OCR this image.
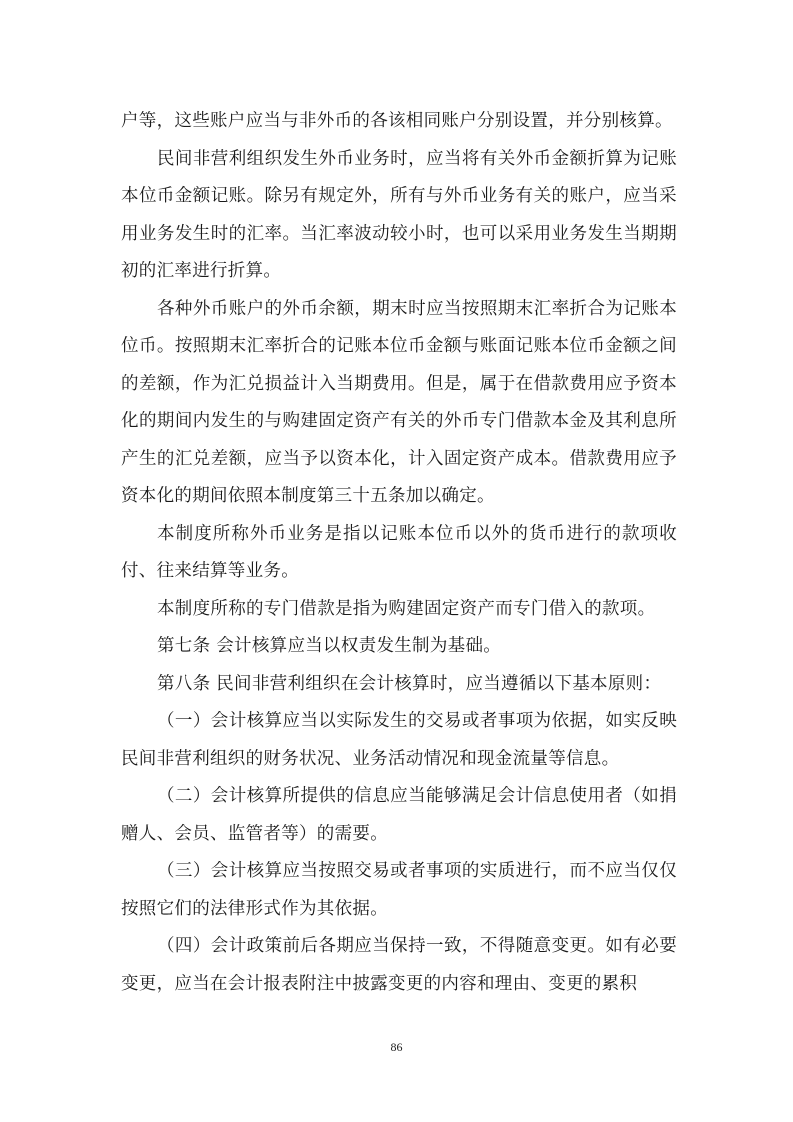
户等，这些账户应当与非外币的各该相同账户分别设置，并分别核算。

民间非营利组织发生外币业务时，应当将有关外币金额折算为记账本位币金额记账。除另有规定外，所有与外币业务有关的账户，应当采用业务发生时的汇率。当汇率波动较小时，也可以采用业务发生当期期初的汇率进行折算。

各种外币账户的外币余额，期末时应当按照期末汇率折合为记账本位币。按照期末汇率折合的记账本位币金额与账面记账本位币金额之间的差额，作为汇兑损益计入当期费用。但是，属于在借款费用应予资本化的期间内发生的与购建固定资产有关的外币专门借款本金及其利息所产生的汇兑差额，应当予以资本化，计入固定资产成本。借款费用应予资本化的期间依照本制度第三十五条加以确定。

本制度所称外币业务是指以记账本位币以外的货币进行的款项收付、往来结算等业务。

本制度所称的专门借款是指为购建固定资产而专门借入的款项。

第七条 会计核算应当以权责发生制为基础。

第八条 民间非营利组织在会计核算时，应当遵循以下基本原则：

（一）会计核算应当以实际发生的交易或者事项为依据，如实反映民间非营利组织的财务状况、业务活动情况和现金流量等信息。

（二）会计核算所提供的信息应当能够满足会计信息使用者（如捐赠人、会员、监管者等）的需要。

（三）会计核算应当按照交易或者事项的实质进行，而不应当仅仅按照它们的法律形式作为其依据。

（四）会计政策前后各期应当保持一致，不得随意变更。如有必要变更，应当在会计报表附注中披露变更的内容和理由、变更的累积

86
